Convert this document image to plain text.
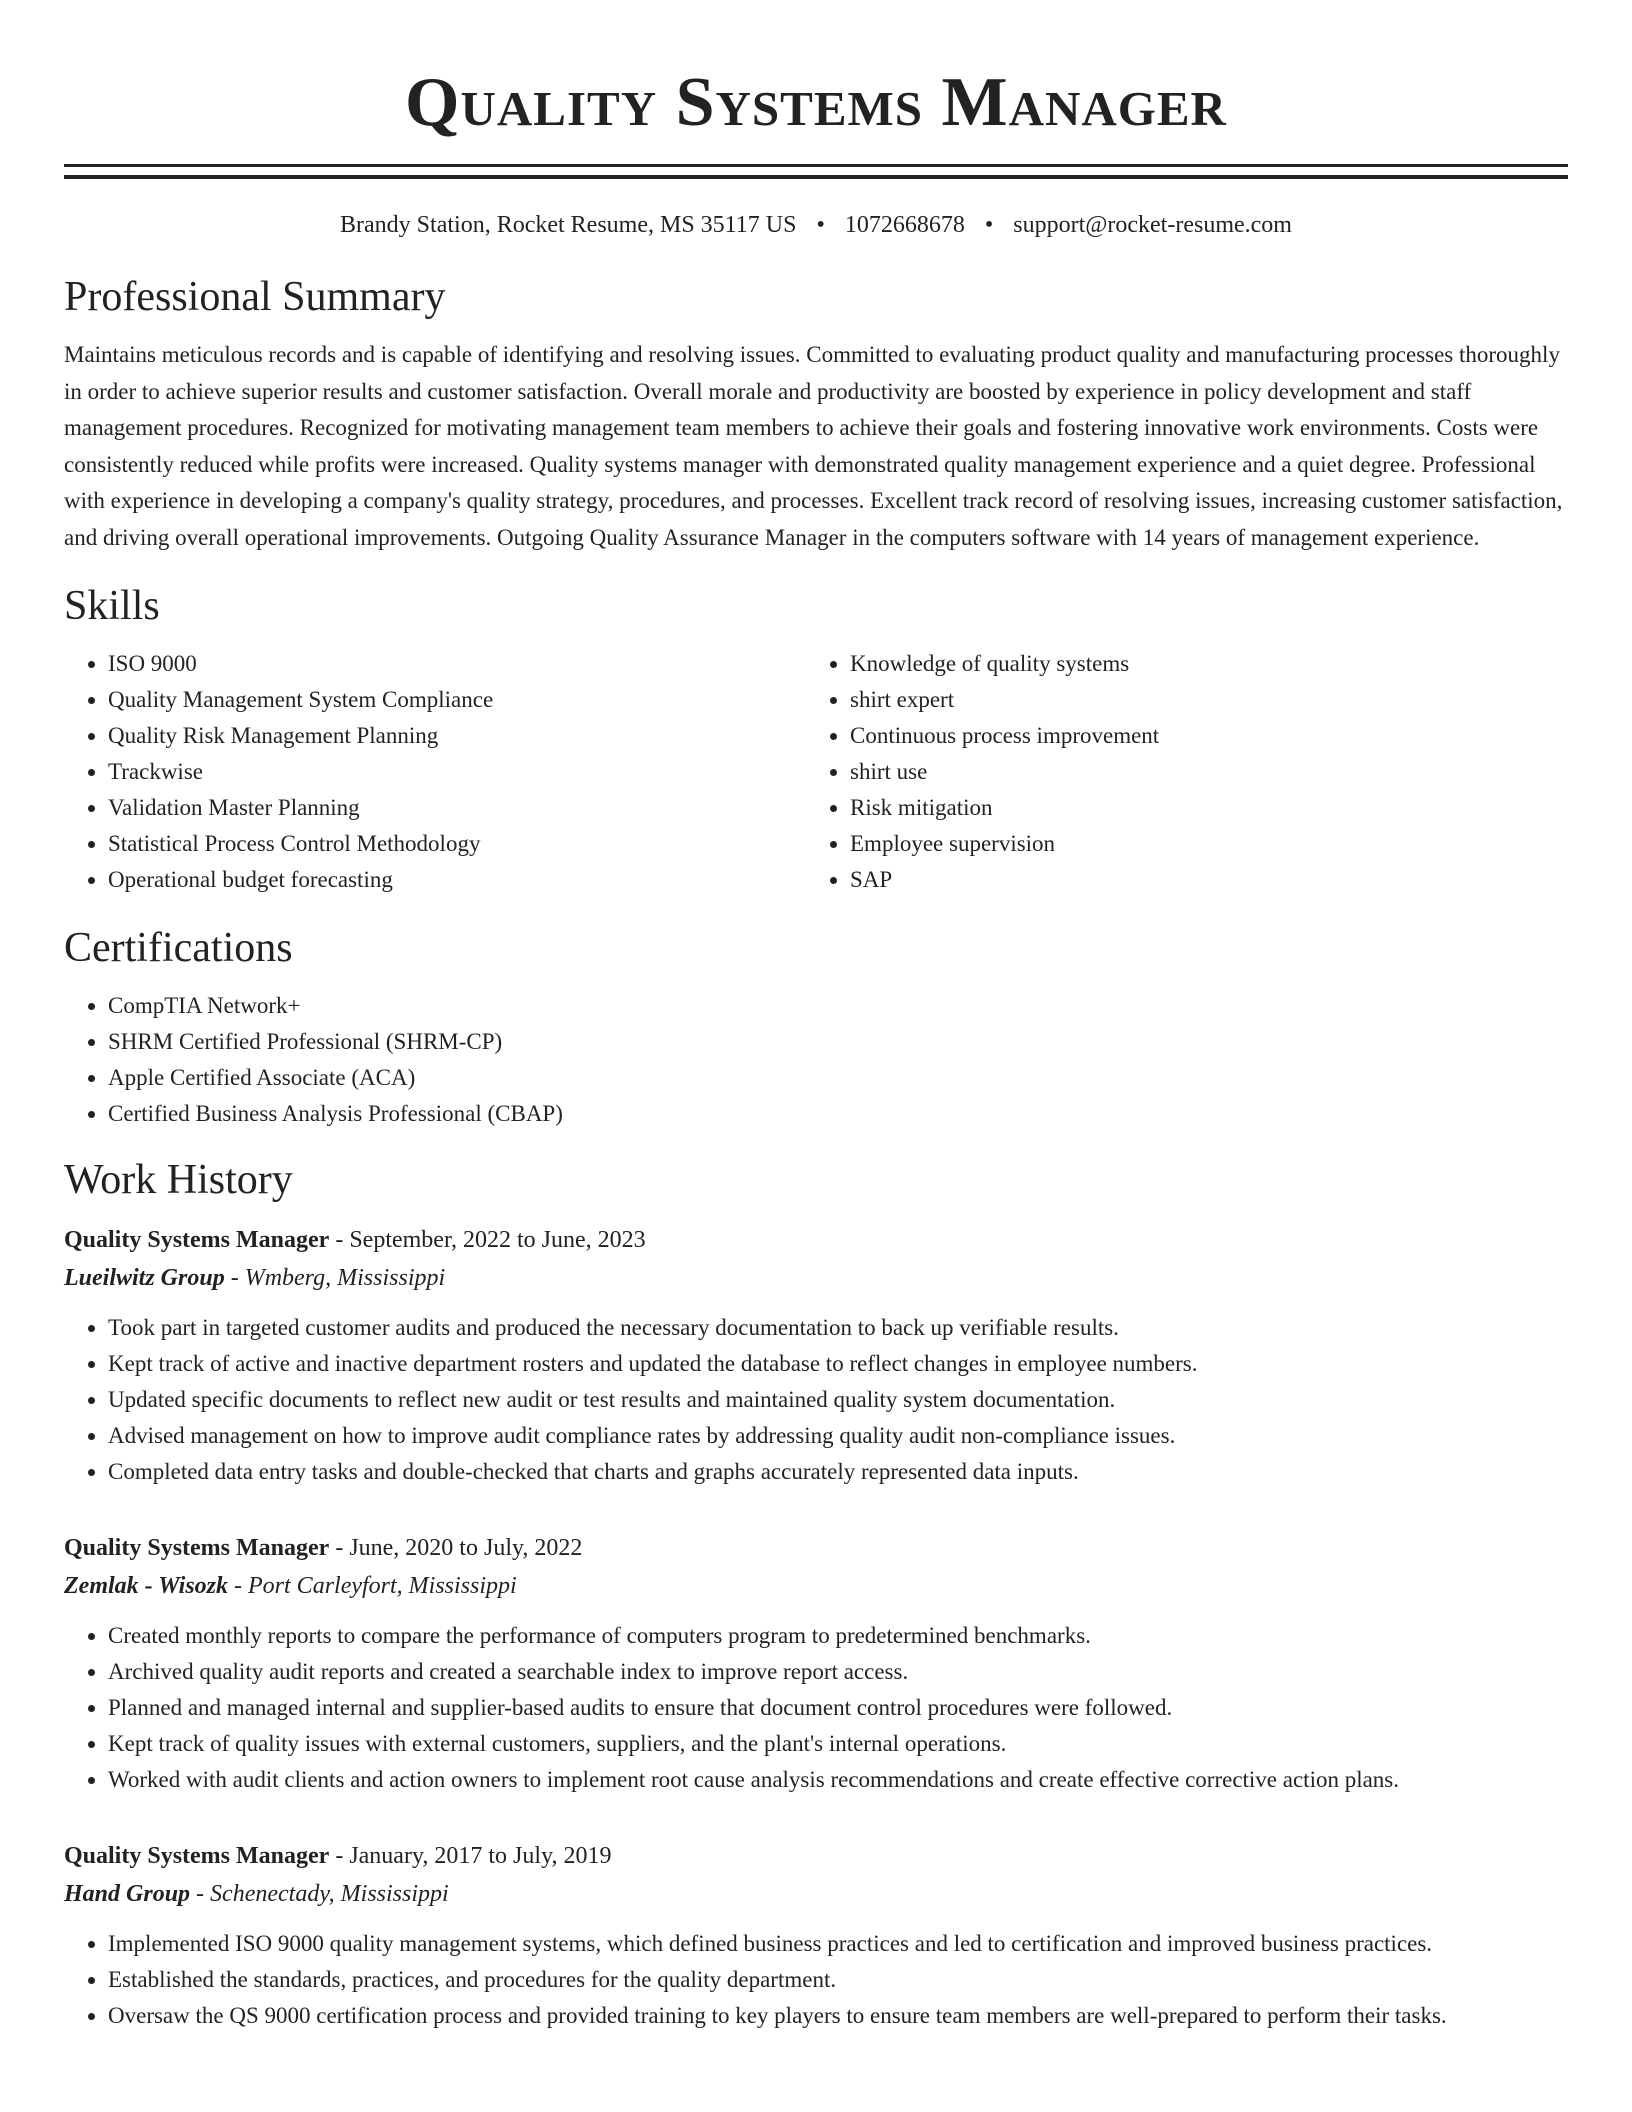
Quality Systems Manager
Brandy Station, Rocket Resume, MS 35117 US • 1072668678 • support@rocket-resume.com
Professional Summary

Maintains meticulous records and is capable of identifying and resolving issues. Committed to evaluating product quality and manufacturing processes thoroughly in order to achieve superior results and customer satisfaction. Overall morale and productivity are boosted by experience in policy development and staff management procedures. Recognized for motivating management team members to achieve their goals and fostering innovative work environments. Costs were consistently reduced while profits were increased. Quality systems manager with demonstrated quality management experience and a quiet degree. Professional with experience in developing a company's quality strategy, procedures, and processes. Excellent track record of resolving issues, increasing customer satisfaction, and driving overall operational improvements. Outgoing Quality Assurance Manager in the computers software with 14 years of management experience.

Skills
• ISO 9000
• Quality Management System Compliance
• Quality Risk Management Planning
• Trackwise
• Validation Master Planning
• Statistical Process Control Methodology
• Operational budget forecasting
• Knowledge of quality systems
• shirt expert
• Continuous process improvement
• shirt use
• Risk mitigation
• Employee supervision
• SAP
Certifications
• CompTIA Network+
• SHRM Certified Professional (SHRM-CP)
• Apple Certified Associate (ACA)
• Certified Business Analysis Professional (CBAP)
Work History
Quality Systems Manager - September, 2022 to June, 2023
Lueilwitz Group - Wmberg, Mississippi
• Took part in targeted customer audits and produced the necessary documentation to back up verifiable results.
• Kept track of active and inactive department rosters and updated the database to reflect changes in employee numbers.
• Updated specific documents to reflect new audit or test results and maintained quality system documentation.
• Advised management on how to improve audit compliance rates by addressing quality audit non-compliance issues.
• Completed data entry tasks and double-checked that charts and graphs accurately represented data inputs.
Quality Systems Manager - June, 2020 to July, 2022
Zemlak - Wisozk - Port Carleyfort, Mississippi
• Created monthly reports to compare the performance of computers program to predetermined benchmarks.
• Archived quality audit reports and created a searchable index to improve report access.
• Planned and managed internal and supplier-based audits to ensure that document control procedures were followed.
• Kept track of quality issues with external customers, suppliers, and the plant's internal operations.
• Worked with audit clients and action owners to implement root cause analysis recommendations and create effective corrective action plans.
Quality Systems Manager - January, 2017 to July, 2019
Hand Group - Schenectady, Mississippi
• Implemented ISO 9000 quality management systems, which defined business practices and led to certification and improved business practices.
• Established the standards, practices, and procedures for the quality department.
• Oversaw the QS 9000 certification process and provided training to key players to ensure team members are well-prepared to perform their tasks.
